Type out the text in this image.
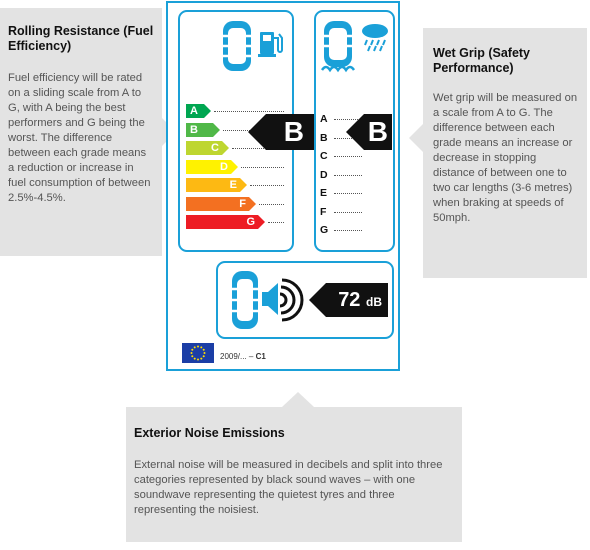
Rolling Resistance (Fuel Efficiency)

Fuel efficiency will be rated on a sliding scale from A to G, with A being the best performers and G being the worst. The difference between each grade means a reduction or increase in fuel consumption of between 2.5%-4.5%.

Wet Grip (Safety Performance)

Wet grip will be measured on a scale from A to G. The difference between each grade means an increase or decrease in stopping distance of between one to two car lengths (3-6 metres) when braking at speeds of 50mph.

Exterior Noise Emissions

External noise will be measured in decibels and split into three categories represented by black sound waves – with one soundwave representing the quietest tyres and three representing the noisiest.

A
B
C
D
E
F
G
B	A
B
C
D
E
F
G
B
72 dB
2009/... – C1
